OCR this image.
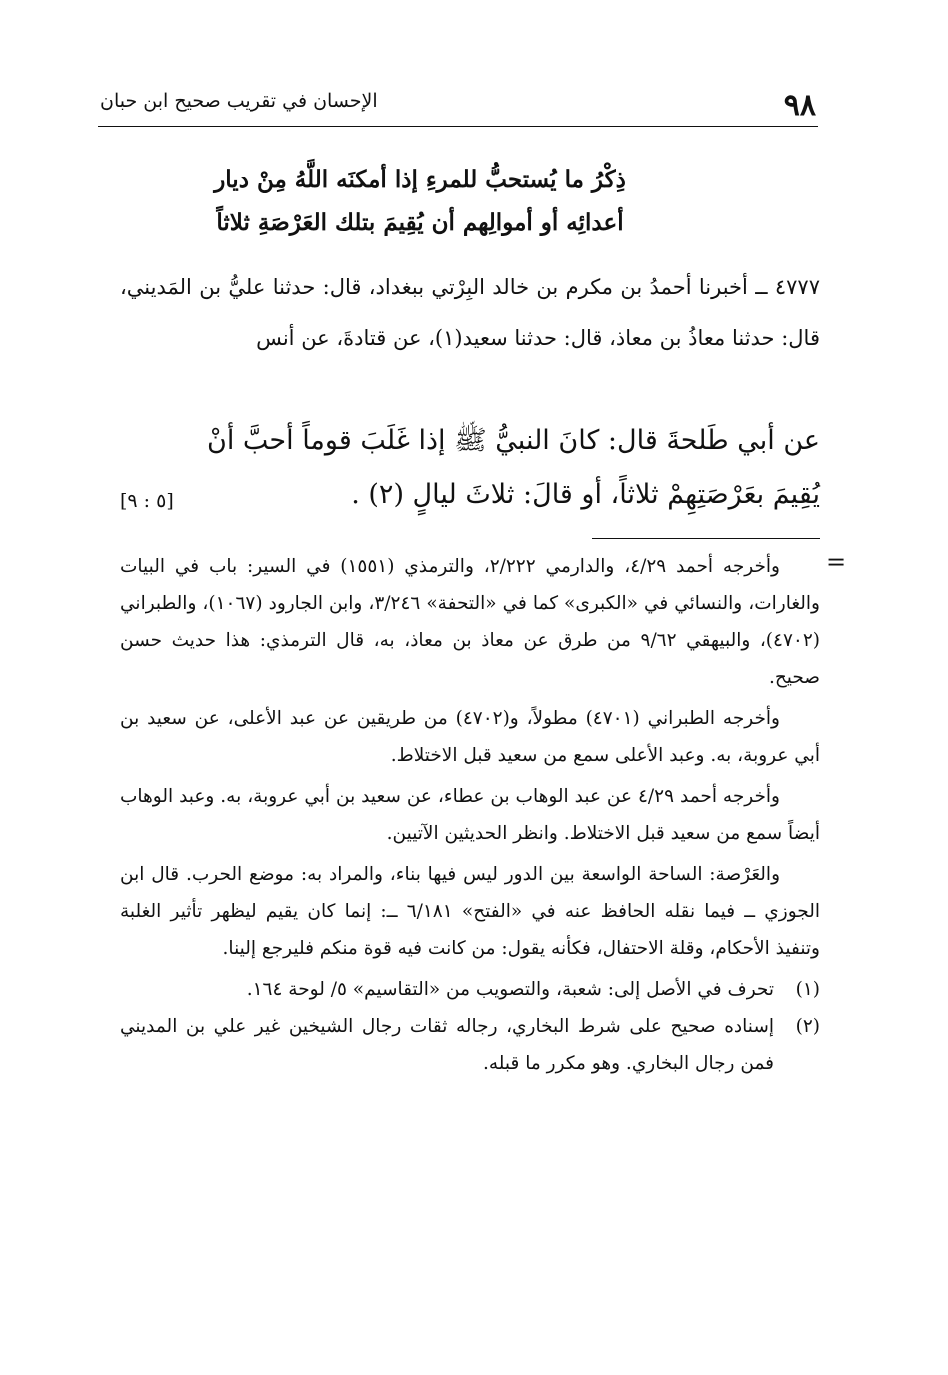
٩٨
الإحسان في تقريب صحيح ابن حبان
ذِكْرُ ما يُستحبُّ للمرءِ إذا أمكنَه اللَّهُ مِنْ ديار
أعدائِه أو أموالِهم أن يُقِيمَ بتلك العَرْصَةِ ثلاثاً
٤٧٧٧ ــ أخبرنا أحمدُ بن مكرم بن خالد البِرْتي ببغداد، قال: حدثنا عليُّ بن المَديني، قال: حدثنا معاذُ بن معاذ، قال: حدثنا سعيد(١)، عن قتادةَ، عن أنس
عن أبي طَلحةَ قال: كانَ النبيُّ ﷺ إذا غَلَبَ قوماً أحبَّ أنْ
يُقِيمَ بعَرْصَتِهِمْ ثلاثاً، أو قالَ: ثلاثَ ليالٍ (٢) .
[٥ : ٩]
=

وأخرجه أحمد ٤/٢٩، والدارمي ٢/٢٢٢، والترمذي (١٥٥١) في السير: باب في البيات والغارات، والنسائي في «الكبرى» كما في «التحفة» ٣/٢٤٦، وابن الجارود (١٠٦٧)، والطبراني (٤٧٠٢)، والبيهقي ٩/٦٢ من طرق عن معاذ بن معاذ، به، قال الترمذي: هذا حديث حسن صحيح.

وأخرجه الطبراني (٤٧٠١) مطولاً، و(٤٧٠٢) من طريقين عن عبد الأعلى، عن سعيد بن أبي عروبة، به. وعبد الأعلى سمع من سعيد قبل الاختلاط.

وأخرجه أحمد ٤/٢٩ عن عبد الوهاب بن عطاء، عن سعيد بن أبي عروبة، به. وعبد الوهاب أيضاً سمع من سعيد قبل الاختلاط. وانظر الحديثين الآتيين.

والعَرْصة: الساحة الواسعة بين الدور ليس فيها بناء، والمراد به: موضع الحرب. قال ابن الجوزي ــ فيما نقله الحافظ عنه في «الفتح» ٦/١٨١ ــ: إنما كان يقيم ليظهر تأثير الغلبة وتنفيذ الأحكام، وقلة الاحتفال، فكأنه يقول: من كانت فيه قوة منكم فليرجع إلينا.

(١)
تحرف في الأصل إلى: شعبة، والتصويب من «التقاسيم» ٥/ لوحة ١٦٤.
(٢)
إسناده صحيح على شرط البخاري، رجاله ثقات رجال الشيخين غير علي بن المديني فمن رجال البخاري. وهو مكرر ما قبله.
